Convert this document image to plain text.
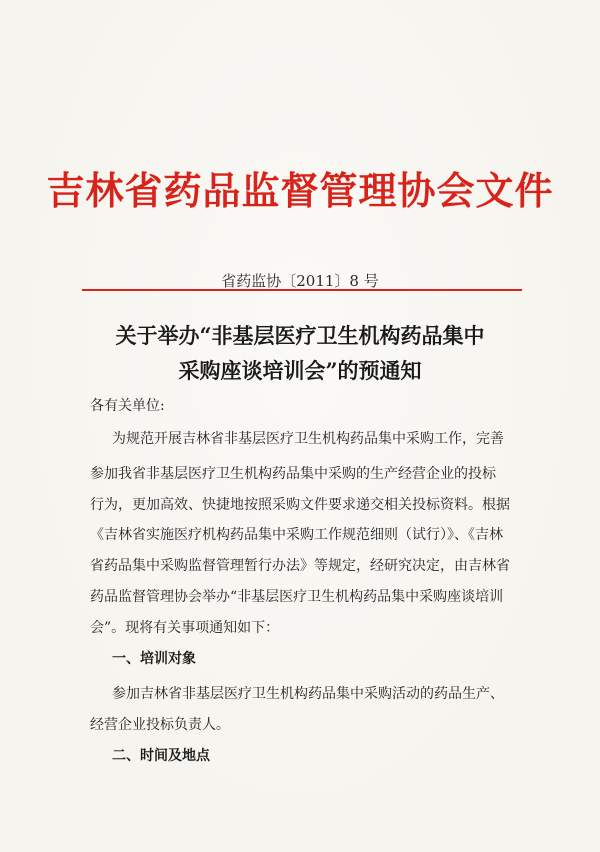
吉林省药品监督管理协会文件
省药监协〔2011〕8 号
关于举办“非基层医疗卫生机构药品集中
采购座谈培训会”的预通知
各有关单位:
为规范开展吉林省非基层医疗卫生机构药品集中采购工作，完善
参加我省非基层医疗卫生机构药品集中采购的生产经营企业的投标
行为，更加高效、快捷地按照采购文件要求递交相关投标资料。根据
《吉林省实施医疗机构药品集中采购工作规范细则（试行）》、《吉林
省药品集中采购监督管理暂行办法》等规定，经研究决定，由吉林省
药品监督管理协会举办“非基层医疗卫生机构药品集中采购座谈培训
会”。现将有关事项通知如下：
一、培训对象
参加吉林省非基层医疗卫生机构药品集中采购活动的药品生产、
经营企业投标负责人。
二、时间及地点
